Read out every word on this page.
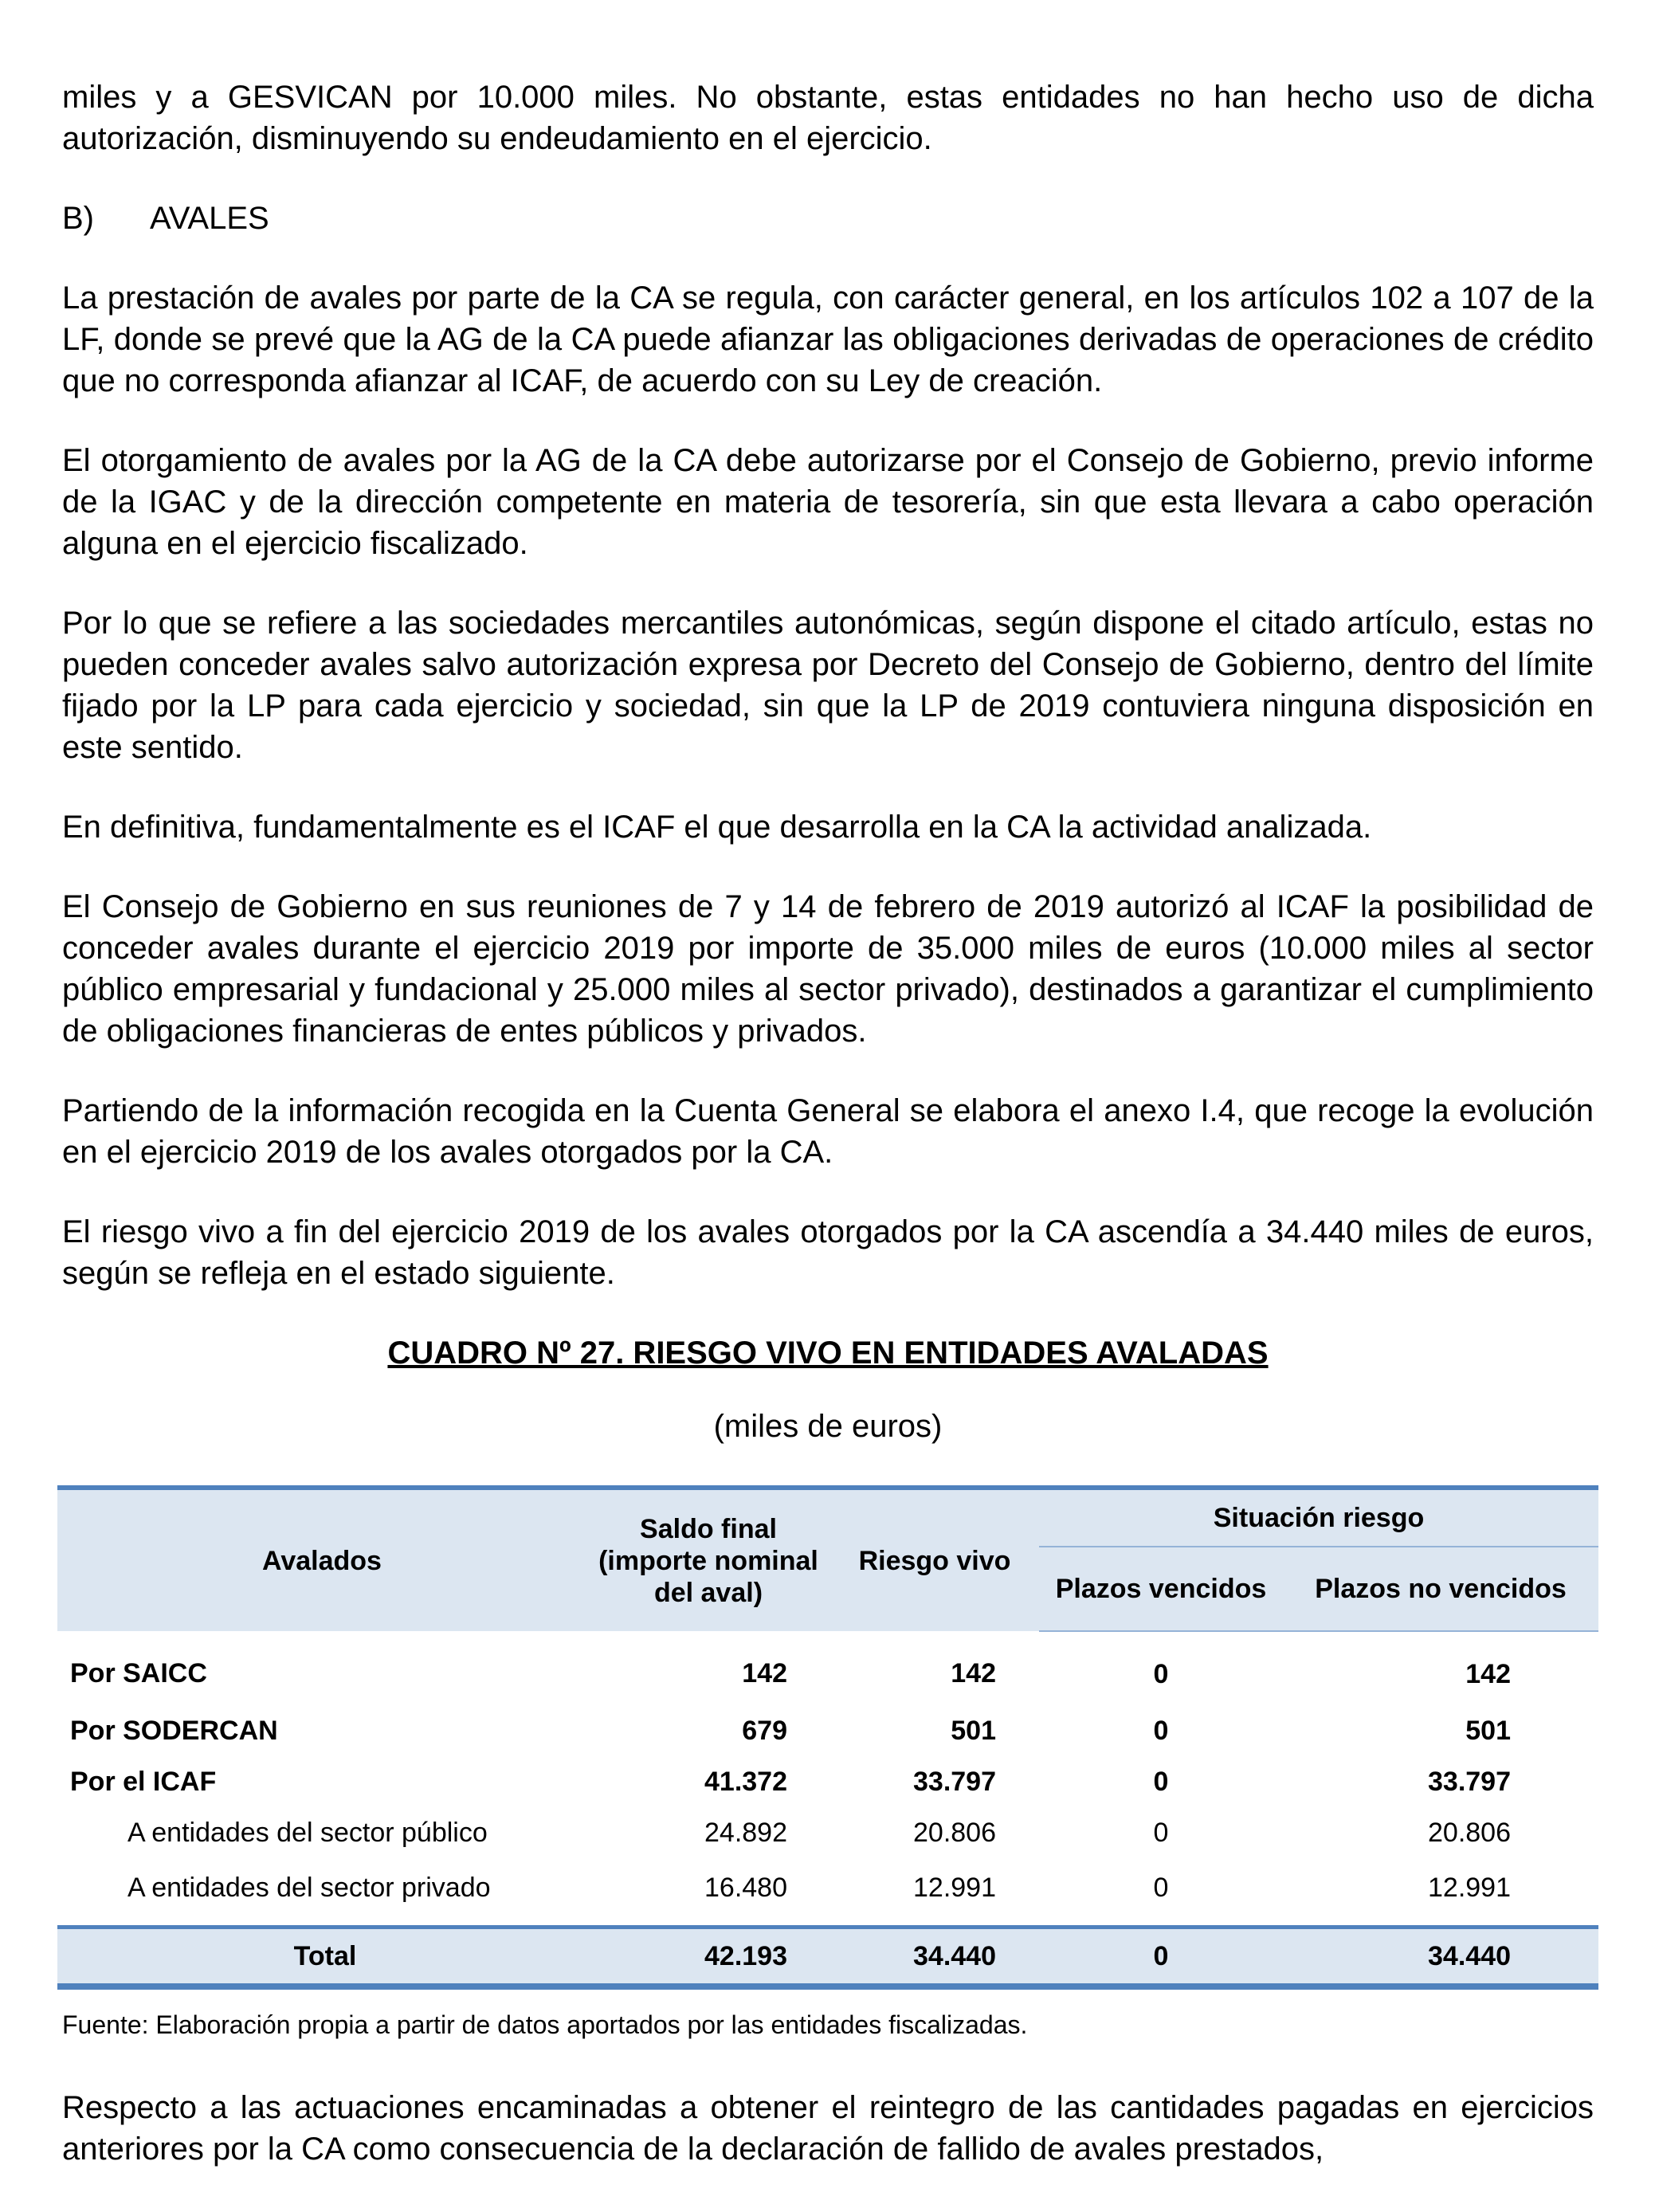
miles y a GESVICAN por 10.000 miles. No obstante, estas entidades no han hecho uso de dicha autorización, disminuyendo su endeudamiento en el ejercicio.

B) AVALES

La prestación de avales por parte de la CA se regula, con carácter general, en los artículos 102 a 107 de la LF, donde se prevé que la AG de la CA puede afianzar las obligaciones derivadas de operaciones de crédito que no corresponda afianzar al ICAF, de acuerdo con su Ley de creación.

El otorgamiento de avales por la AG de la CA debe autorizarse por el Consejo de Gobierno, previo informe de la IGAC y de la dirección competente en materia de tesorería, sin que esta llevara a cabo operación alguna en el ejercicio fiscalizado.

Por lo que se refiere a las sociedades mercantiles autonómicas, según dispone el citado artículo, estas no pueden conceder avales salvo autorización expresa por Decreto del Consejo de Gobierno, dentro del límite fijado por la LP para cada ejercicio y sociedad, sin que la LP de 2019 contuviera ninguna disposición en este sentido.

En definitiva, fundamentalmente es el ICAF el que desarrolla en la CA la actividad analizada.

El Consejo de Gobierno en sus reuniones de 7 y 14 de febrero de 2019 autorizó al ICAF la posibilidad de conceder avales durante el ejercicio 2019 por importe de 35.000 miles de euros (10.000 miles al sector público empresarial y fundacional y 25.000 miles al sector privado), destinados a garantizar el cumplimiento de obligaciones financieras de entes públicos y privados.

Partiendo de la información recogida en la Cuenta General se elabora el anexo I.4, que recoge la evolución en el ejercicio 2019 de los avales otorgados por la CA.

El riesgo vivo a fin del ejercicio 2019 de los avales otorgados por la CA ascendía a 34.440 miles de euros, según se refleja en el estado siguiente.

CUADRO Nº 27. RIESGO VIVO EN ENTIDADES AVALADAS
(miles de euros)
Avalados	Saldo final (importe nominal del aval)	Riesgo vivo	Situación riesgo	
			Plazos vencidos	Plazos no vencidos
Por SAICC	142	142	0	142
Por SODERCAN	679	501	0	501
Por el ICAF	41.372	33.797	0	33.797
A entidades del sector público	24.892	20.806	0	20.806
A entidades del sector privado	16.480	12.991	0	12.991
Total	42.193	34.440	0	34.440
Fuente: Elaboración propia a partir de datos aportados por las entidades fiscalizadas.

Respecto a las actuaciones encaminadas a obtener el reintegro de las cantidades pagadas en ejercicios anteriores por la CA como consecuencia de la declaración de fallido de avales prestados,
